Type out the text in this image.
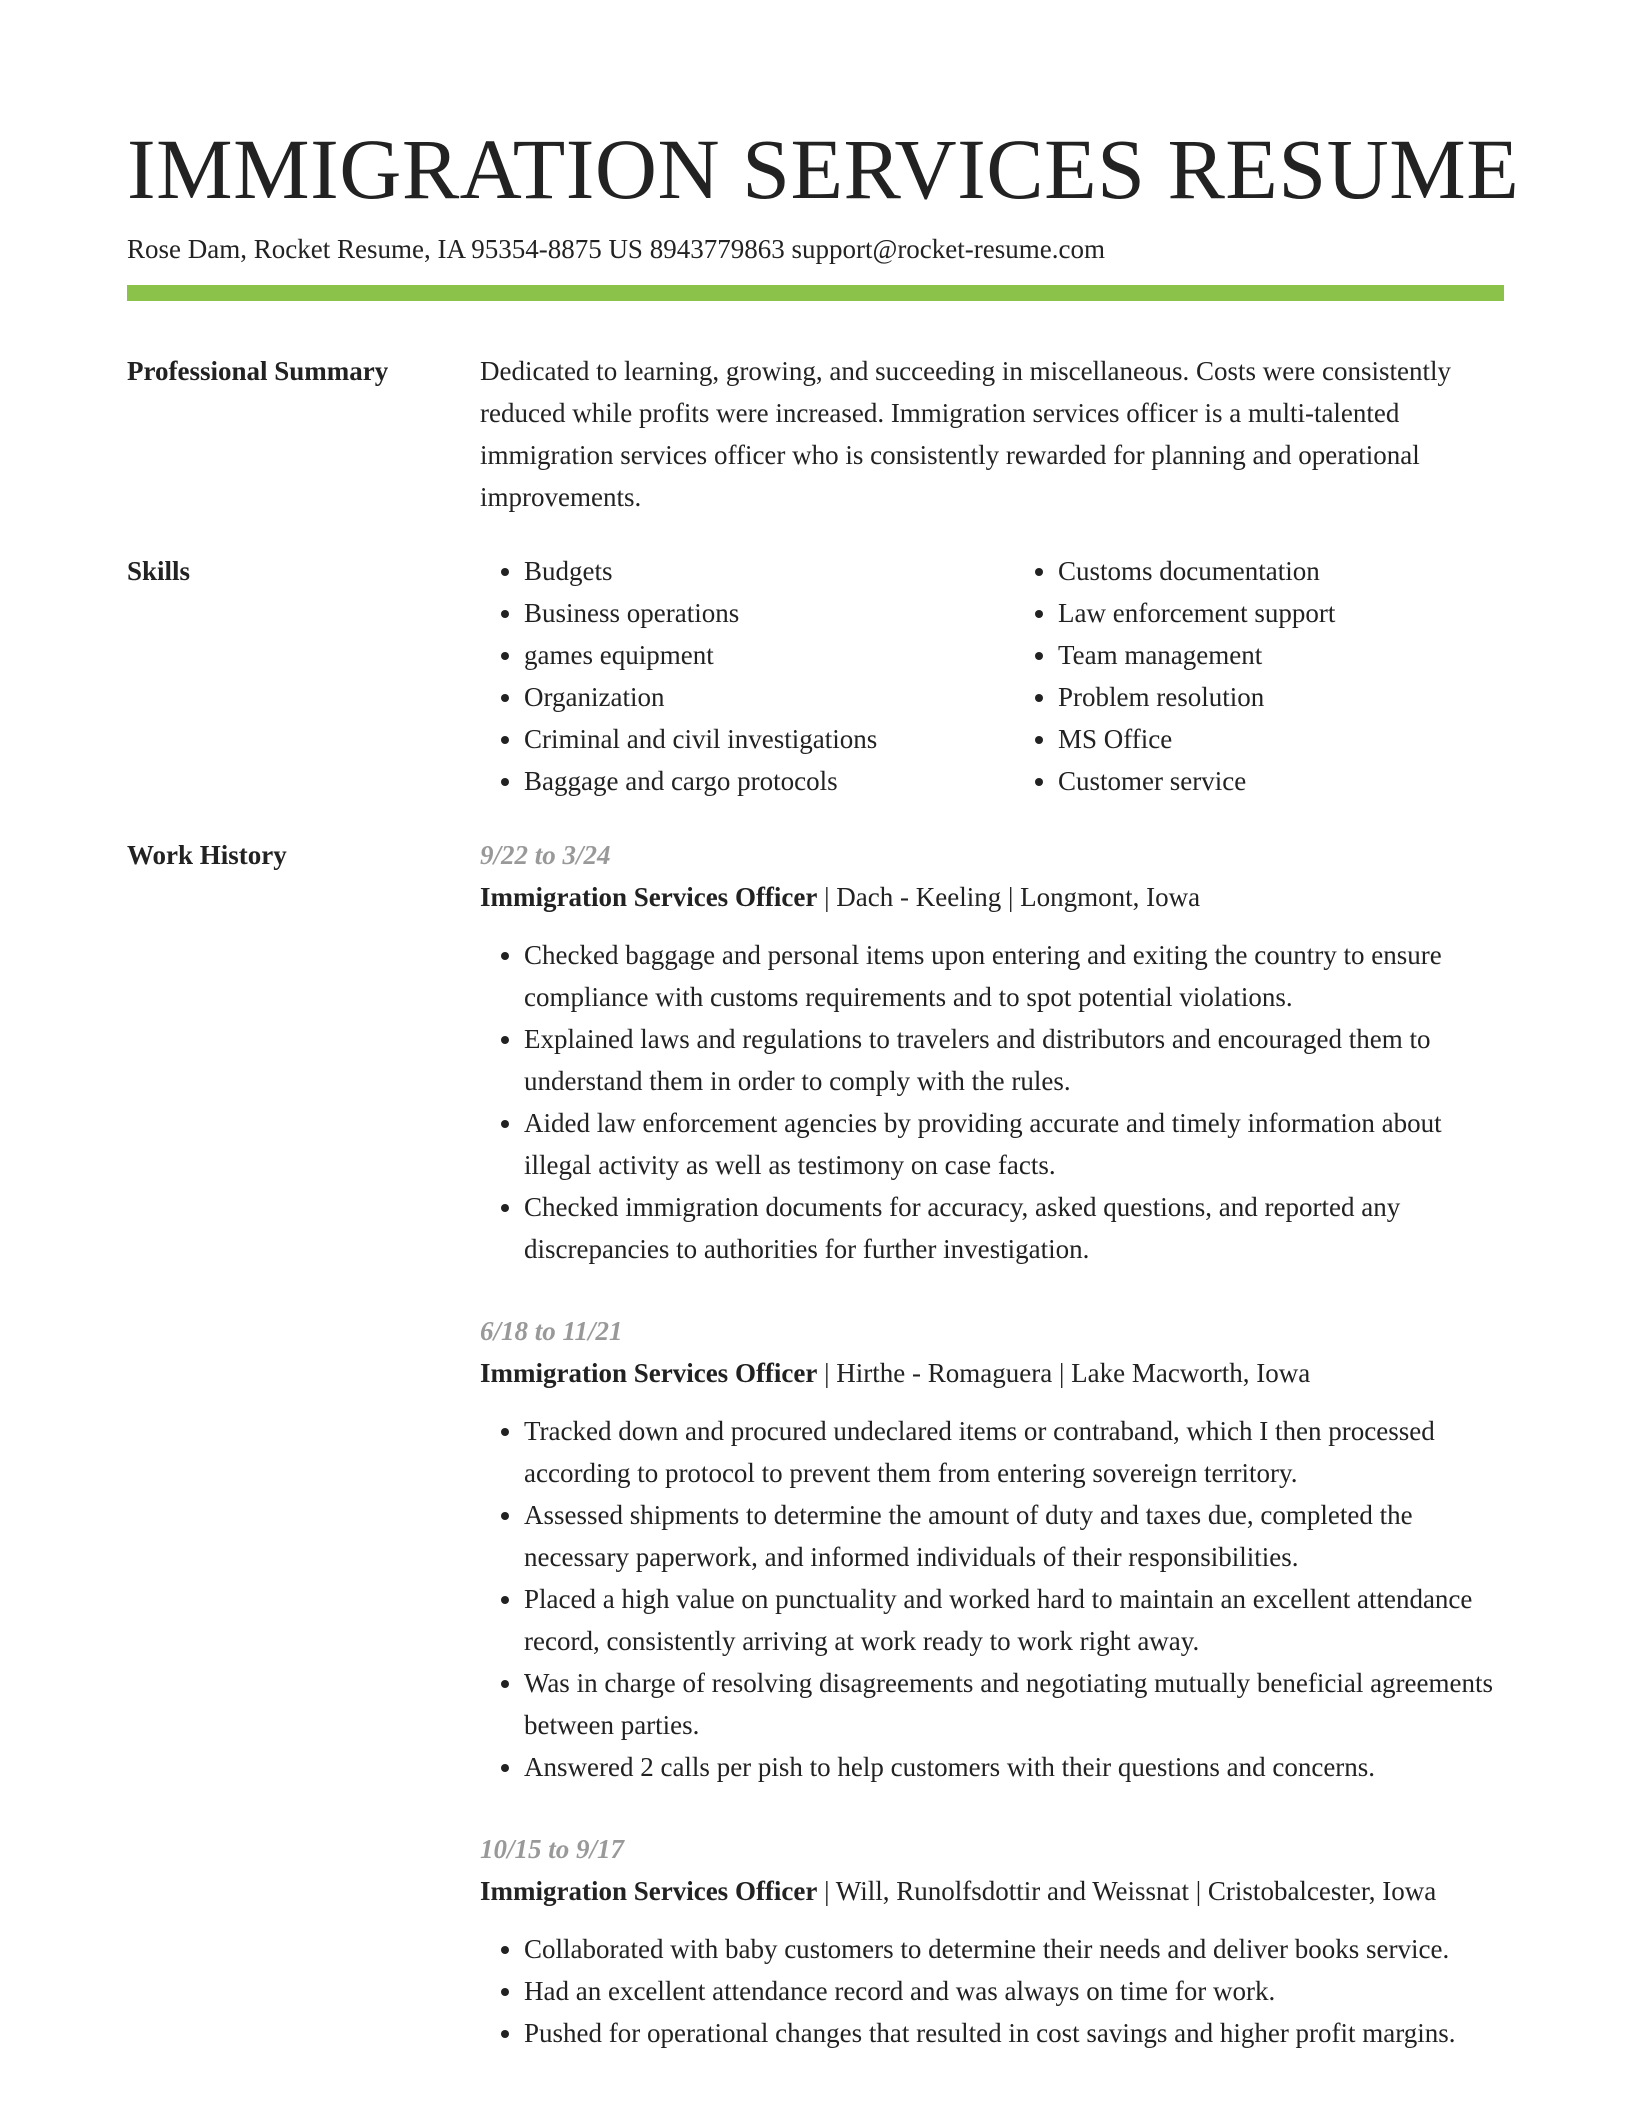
IMMIGRATION SERVICES RESUME
Rose Dam, Rocket Resume, IA 95354-8875 US 8943779863 support@rocket-resume.com
Professional Summary	Dedicated to learning, growing, and succeeding in miscellaneous. Costs were consistently reduced while profits were increased. Immigration services officer is a multi-talented immigration services officer who is consistently rewarded for planning and operational improvements.

Skills
•	Budgets
• Business operations
• games equipment
• Organization
• Criminal and civil investigations
• Baggage and cargo protocols
• Customs documentation
• Law enforcement support
• Team management
• Problem resolution
• MS Office
• Customer service
Work History	9/22 to 3/24
Immigration Services Officer | Dach - Keeling | Longmont, Iowa
• Checked baggage and personal items upon entering and exiting the country to ensure compliance with customs requirements and to spot potential violations.
• Explained laws and regulations to travelers and distributors and encouraged them to understand them in order to comply with the rules.
• Aided law enforcement agencies by providing accurate and timely information about illegal activity as well as testimony on case facts.
• Checked immigration documents for accuracy, asked questions, and reported any discrepancies to authorities for further investigation.
6/18 to 11/21
Immigration Services Officer | Hirthe - Romaguera | Lake Macworth, Iowa
• Tracked down and procured undeclared items or contraband, which I then processed according to protocol to prevent them from entering sovereign territory.
• Assessed shipments to determine the amount of duty and taxes due, completed the necessary paperwork, and informed individuals of their responsibilities.
• Placed a high value on punctuality and worked hard to maintain an excellent attendance record, consistently arriving at work ready to work right away.
• Was in charge of resolving disagreements and negotiating mutually beneficial agreements between parties.
• Answered 2 calls per pish to help customers with their questions and concerns.
10/15 to 9/17
Immigration Services Officer | Will, Runolfsdottir and Weissnat | Cristobalcester, Iowa
• Collaborated with baby customers to determine their needs and deliver books service.
• Had an excellent attendance record and was always on time for work.
• Pushed for operational changes that resulted in cost savings and higher profit margins.
